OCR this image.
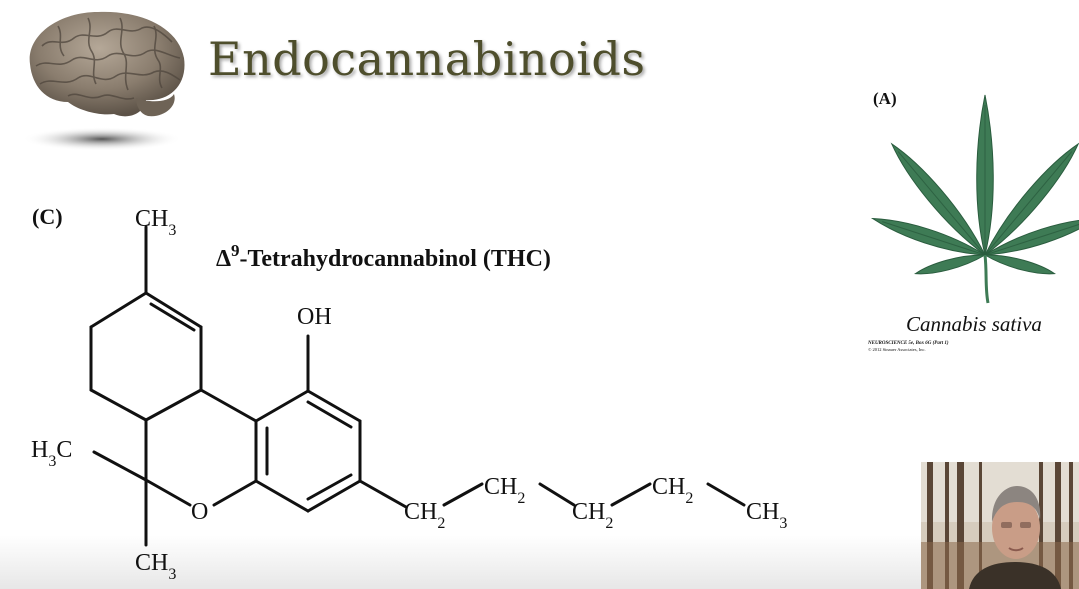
Endocannabinoids
(C)
$\Delta^9$-Tetrahydrocannabinol (THC)
$CH_3$
OH
$H_3C$
O
$CH_3$
$CH_2$
$CH_2$
$CH_2$
$CH_2$
$CH_3$
(A)
Cannabis sativa
NEUROSCIENCE 5e, Box 6G (Part 1)
© 2012 Sinauer Associates, Inc.
